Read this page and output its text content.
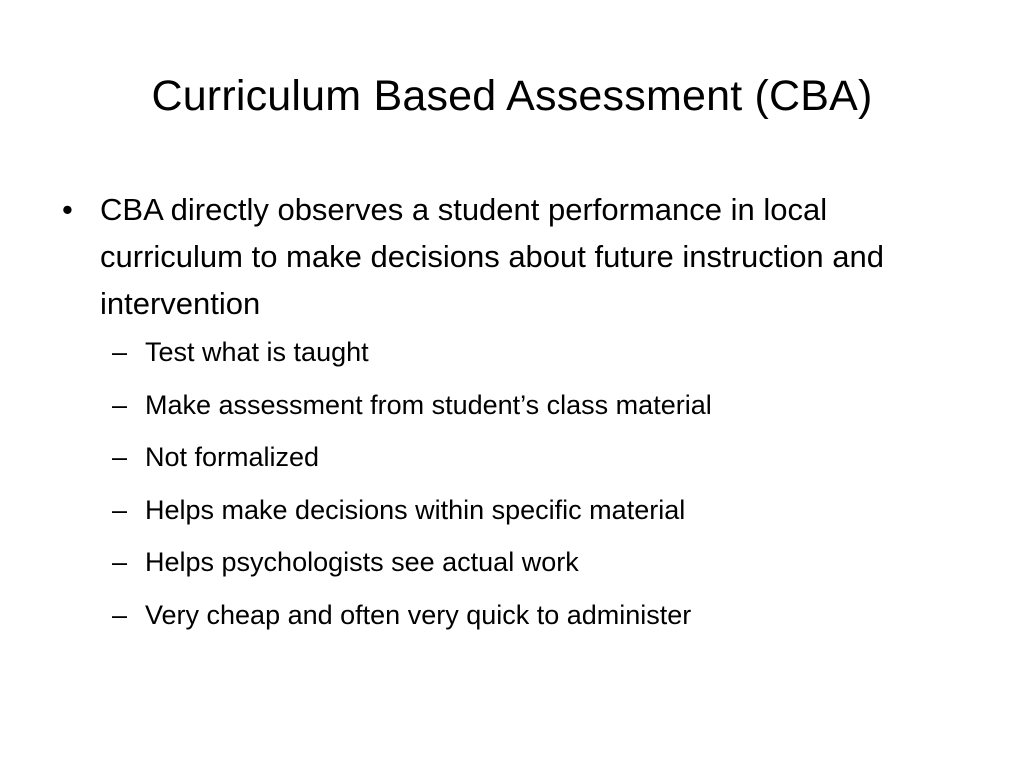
Curriculum Based Assessment (CBA)
• CBA directly observes a student performance in local curriculum to make decisions about future instruction and intervention
– Test what is taught
– Make assessment from student’s class material
– Not formalized
– Helps make decisions within specific material
– Helps psychologists see actual work
– Very cheap and often very quick to administer
